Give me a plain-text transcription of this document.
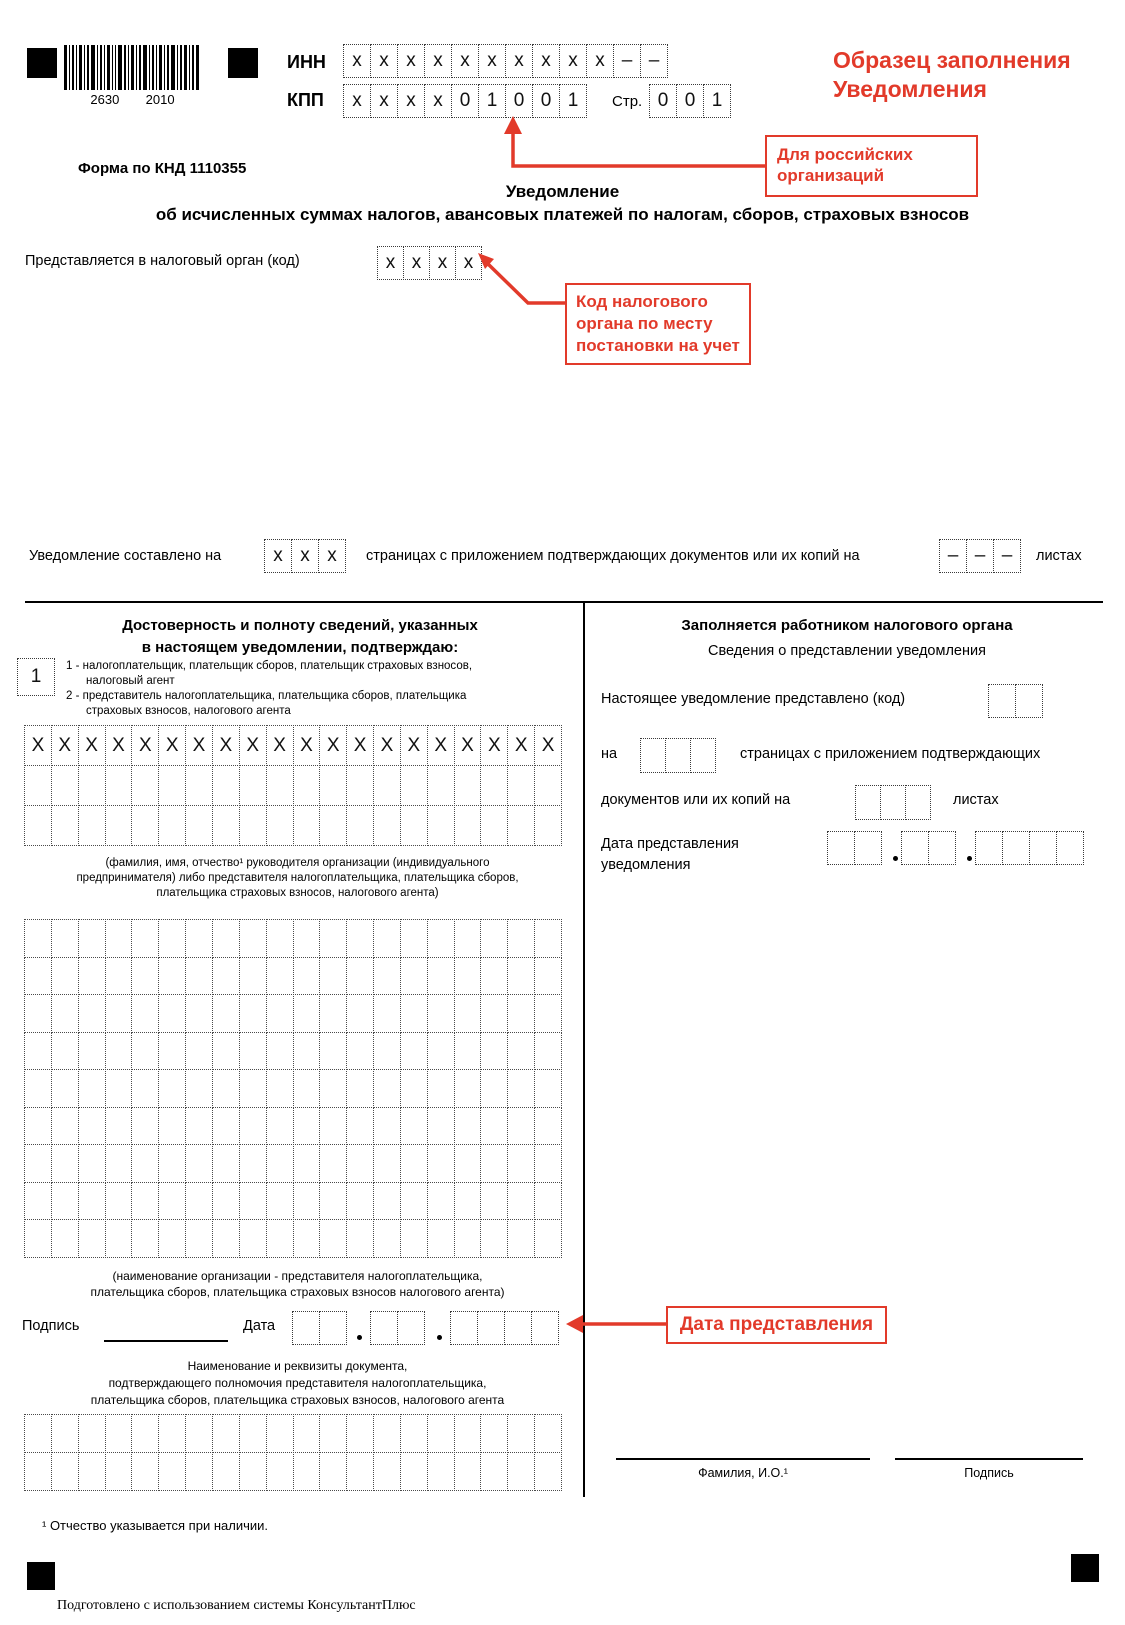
2630 2010
ИНН	x x x x x x x x x x – –
КПП	x x x x 0 1 0 0 1	Стр. 0 0 1
Образец заполнения
Уведомления
Для российских организаций
Код налогового органа по месту постановки на учет
Дата представления
Форма по КНД 1110355
Уведомление
об исчисленных суммах налогов, авансовых платежей по налогам, сборов, страховых взносов
Представляется в налоговый орган (код)	x x x x
Уведомление составлено на	x x x	страницах с приложением подтверждающих документов или их копий на	– – –	листах
Достоверность и полноту сведений, указанных
в настоящем уведомлении, подтверждаю:
1	1 - налогоплательщик, плательщик сборов, плательщик страховых взносов,
налоговый агент
2 - представитель налогоплательщика, плательщика сборов, плательщика
страховых взносов, налогового агента
X X X X X X X X X X X X X X X X X X X X
(фамилия, имя, отчество¹ руководителя организации (индивидуального
предпринимателя) либо представителя налогоплательщика, плательщика сборов,
плательщика страховых взносов, налогового агента)
(наименование организации - представителя налогоплательщика,
плательщика сборов, плательщика страховых взносов налогового агента)
Подпись	Дата
Наименование и реквизиты документа,
подтверждающего полномочия представителя налогоплательщика,
плательщика сборов, плательщика страховых взносов, налогового агента
Заполняется работником налогового органа
Сведения о представлении уведомления
Настоящее уведомление представлено (код)
на	страницах с приложением подтверждающих
документов или их копий на	листах
Дата представления
уведомления
Фамилия, И.О.¹	Подпись
¹ Отчество указывается при наличии.
Подготовлено с использованием системы КонсультантПлюс
